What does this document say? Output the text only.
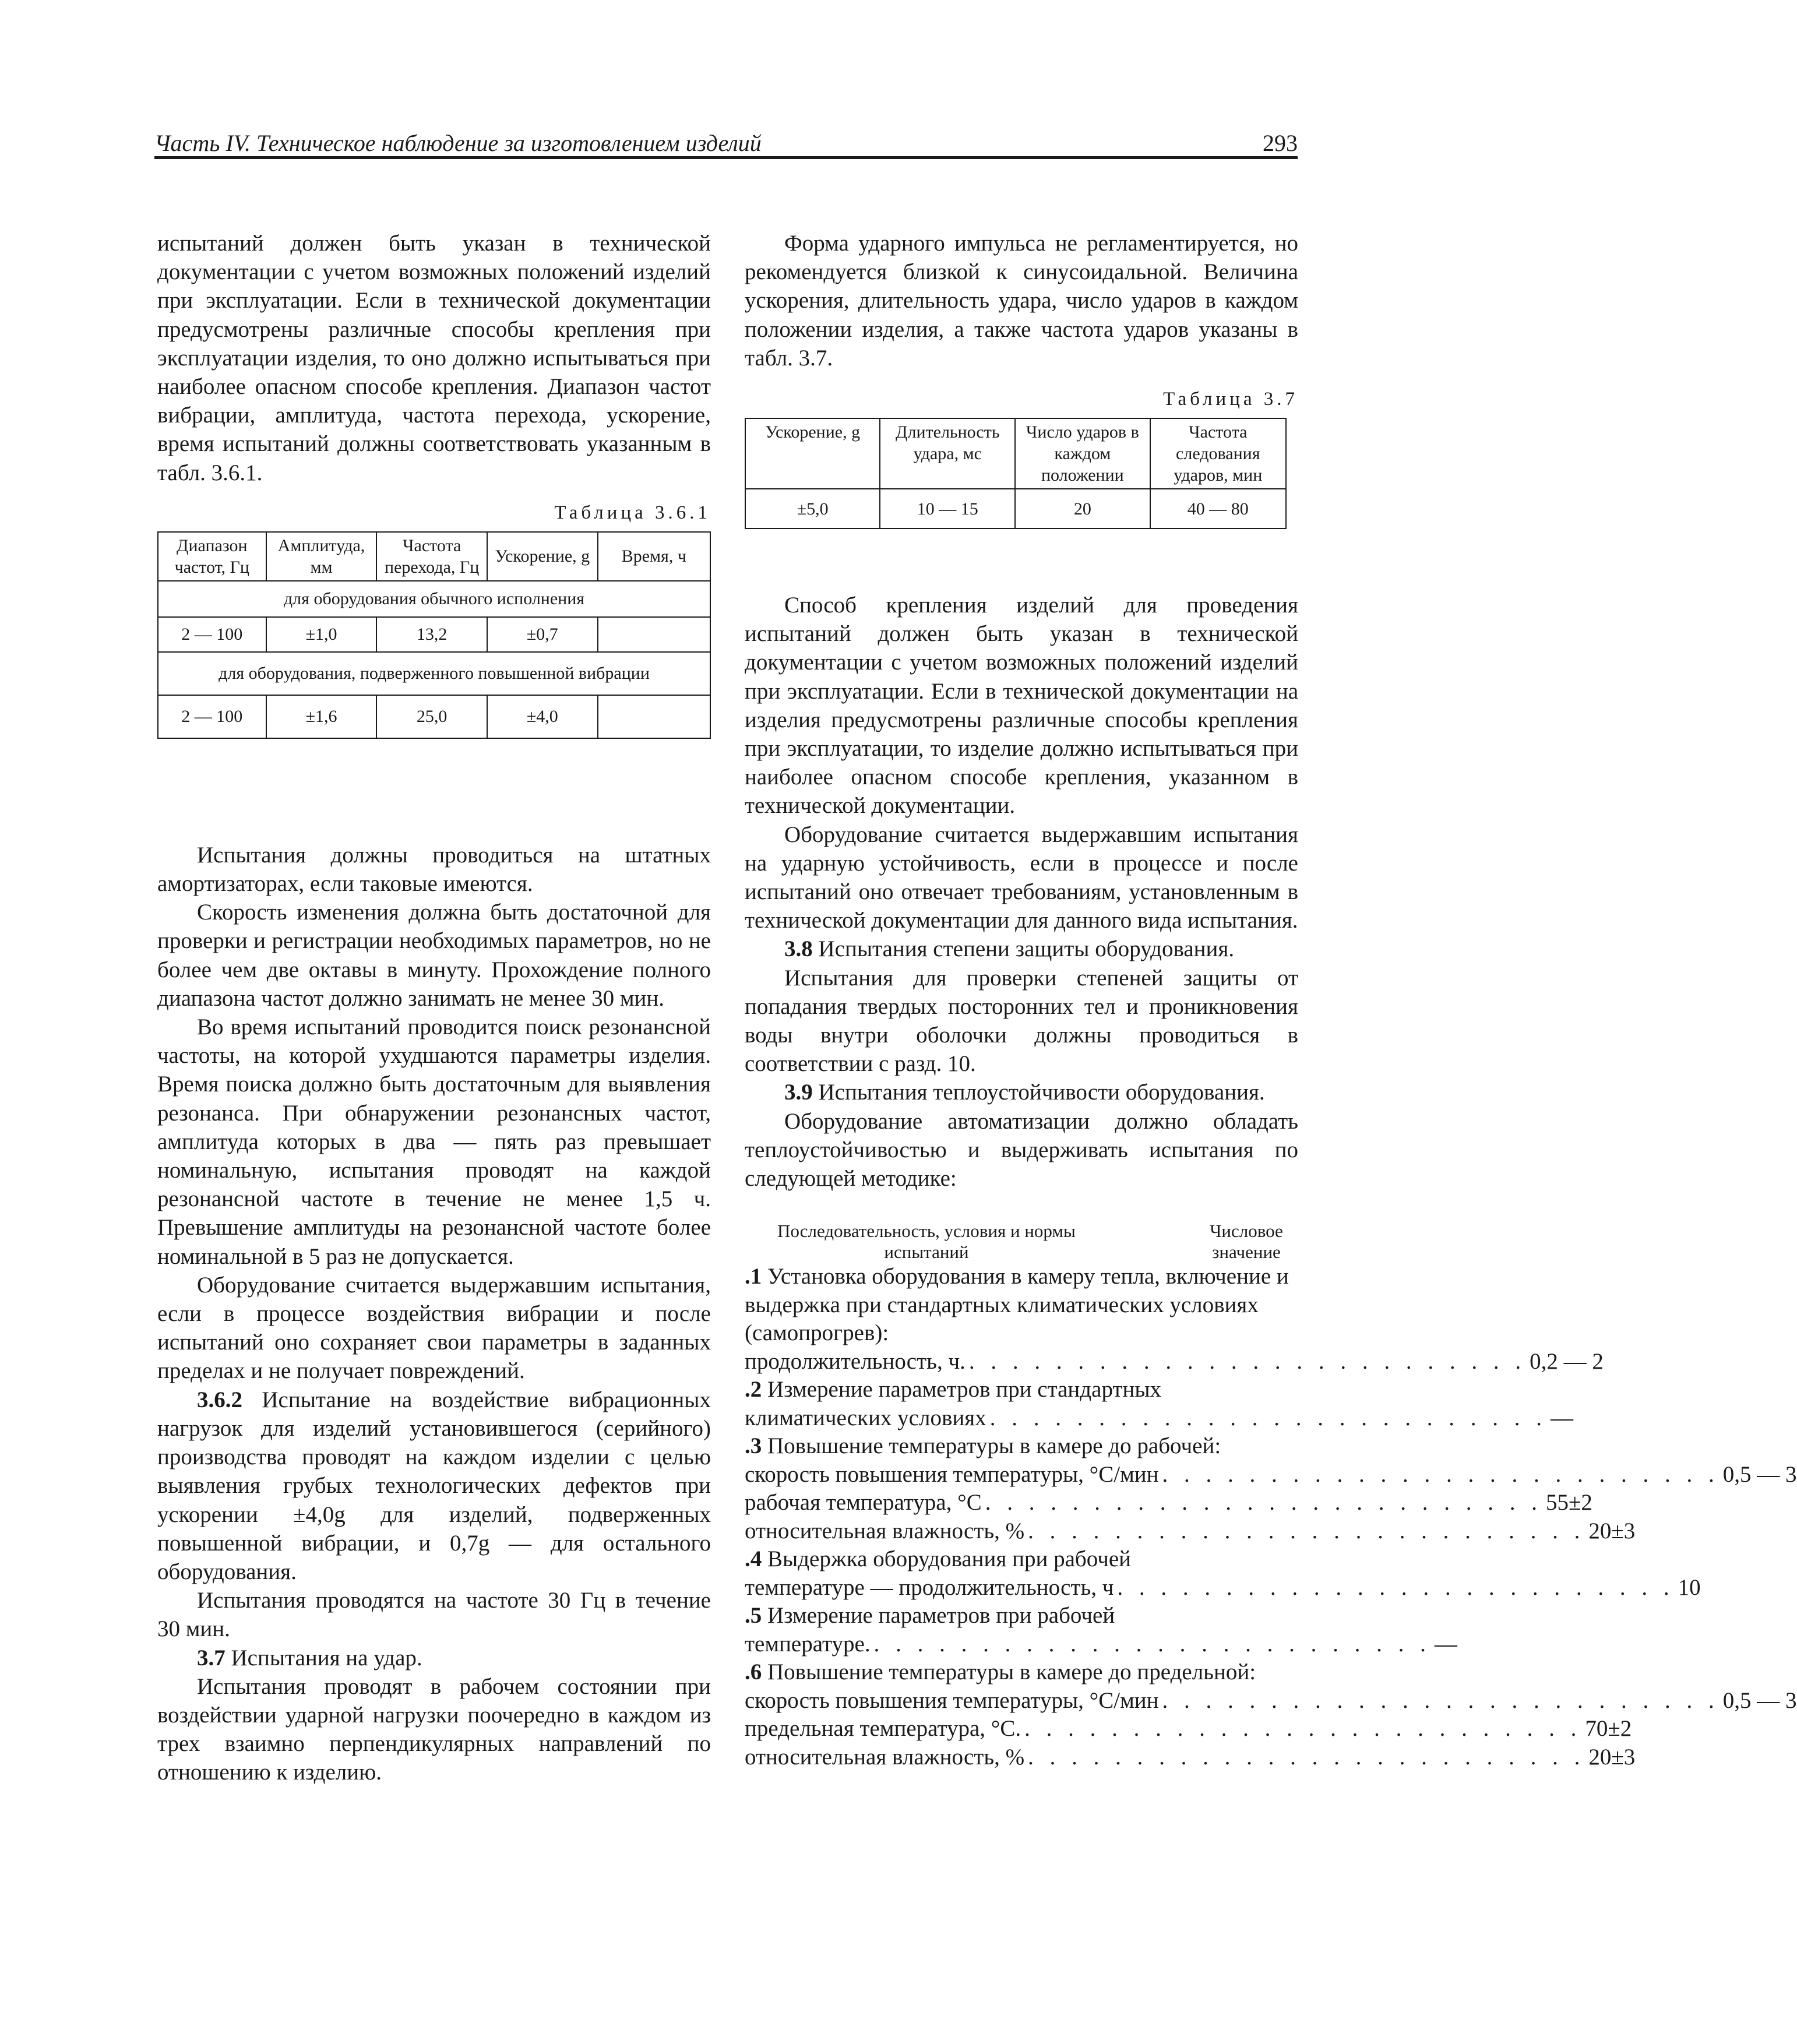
Часть IV. Техническое наблюдение за изготовлением изделий	293

испытаний должен быть указан в технической документации с учетом возможных положений изделий при эксплуатации. Если в технической документации предусмотрены различные способы крепления при эксплуатации изделия, то оно должно испытываться при наиболее опасном способе крепления. Диапазон частот вибрации, амплитуда, частота перехода, ускорение, время испытаний должны соответствовать указанным в табл. 3.6.1.

Таблица 3.6.1
Диапазон частот, Гц	Амплитуда, мм	Частота перехода, Гц	Ускорение, g	Время, ч
для оборудования обычного исполнения				
2 — 100	±1,0	13,2	±0,7	
для оборудования, подверженного повышенной вибрации				
2 — 100	±1,6	25,0	±4,0	

Испытания должны проводиться на штатных амортизаторах, если таковые имеются.

Скорость изменения должна быть достаточной для проверки и регистрации необходимых параметров, но не более чем две октавы в минуту. Прохождение полного диапазона частот должно занимать не менее 30 мин.

Во время испытаний проводится поиск резонансной частоты, на которой ухудшаются параметры изделия. Время поиска должно быть достаточным для выявления резонанса. При обнаружении резонансных частот, амплитуда которых в два — пять раз превышает номинальную, испытания проводят на каждой резонансной частоте в течение не менее 1,5 ч. Превышение амплитуды на резонансной частоте более номинальной в 5 раз не допускается.

Оборудование считается выдержавшим испытания, если в процессе воздействия вибрации и после испытаний оно сохраняет свои параметры в заданных пределах и не получает повреждений.

3.6.2 Испытание на воздействие вибрационных нагрузок для изделий установившегося (серийного) производства проводят на каждом изделии с целью выявления грубых технологических дефектов при ускорении ±4,0g для изделий, подверженных повышенной вибрации, и 0,7g — для остального оборудования.

Испытания проводятся на частоте 30 Гц в течение 30 мин.

3.7 Испытания на удар.

Испытания проводят в рабочем состоянии при воздействии ударной нагрузки поочередно в каждом из трех взаимно перпендикулярных направлений по отношению к изделию.

Форма ударного импульса не регламентируется, но рекомендуется близкой к синусоидальной. Величина ускорения, длительность удара, число ударов в каждом положении изделия, а также частота ударов указаны в табл. 3.7.

Таблица 3.7
Ускорение, g	Длительность удара, мс	Число ударов в каждом положении	Частота следования ударов, мин
±5,0	10 — 15	20	40 — 80

Способ крепления изделий для проведения испытаний должен быть указан в технической документации с учетом возможных положений изделий при эксплуатации. Если в технической документации на изделия предусмотрены различные способы крепления при эксплуатации, то изделие должно испытываться при наиболее опасном способе крепления, указанном в технической документации.

Оборудование считается выдержавшим испытания на ударную устойчивость, если в процессе и после испытаний оно отвечает требованиям, установленным в технической документации для данного вида испытания.

3.8 Испытания степени защиты оборудования.

Испытания для проверки степеней защиты от попадания твердых посторонних тел и проникновения воды внутри оболочки должны проводиться в соответствии с разд. 10.

3.9 Испытания теплоустойчивости оборудования.

Оборудование автоматизации должно обладать теплоустойчивостью и выдерживать испытания по следующей методике:

Последовательность, условия и нормы испытаний
Числовое значение
.1 Установка оборудования в камеру тепла, включение и выдержка при стандартных климатических условиях (самопрогрев):
продолжительность, ч. . . . . . . . . . . . . . . . . . . . . . . . . . . 0,2 — 2
.2 Измерение параметров при стандартных
климатических условиях . . . . . . . . . . . . . . . . . . . . . . . . . . —
.3 Повышение температуры в камере до рабочей:
скорость повышения температуры, °С/мин . . . . . . . . . . . . . . . . . . . . . . . . . . 0,5 — 3
рабочая температура, °С . . . . . . . . . . . . . . . . . . . . . . . . . . 55±2
относительная влажность, % . . . . . . . . . . . . . . . . . . . . . . . . . . 20±3
.4 Выдержка оборудования при рабочей
температуре — продолжительность, ч . . . . . . . . . . . . . . . . . . . . . . . . . . 10
.5 Измерение параметров при рабочей
температуре. . . . . . . . . . . . . . . . . . . . . . . . . . . —
.6 Повышение температуры в камере до предельной:
скорость повышения температуры, °С/мин . . . . . . . . . . . . . . . . . . . . . . . . . . 0,5 — 3
предельная температура, °С. . . . . . . . . . . . . . . . . . . . . . . . . . . 70±2
относительная влажность, % . . . . . . . . . . . . . . . . . . . . . . . . . . 20±3
